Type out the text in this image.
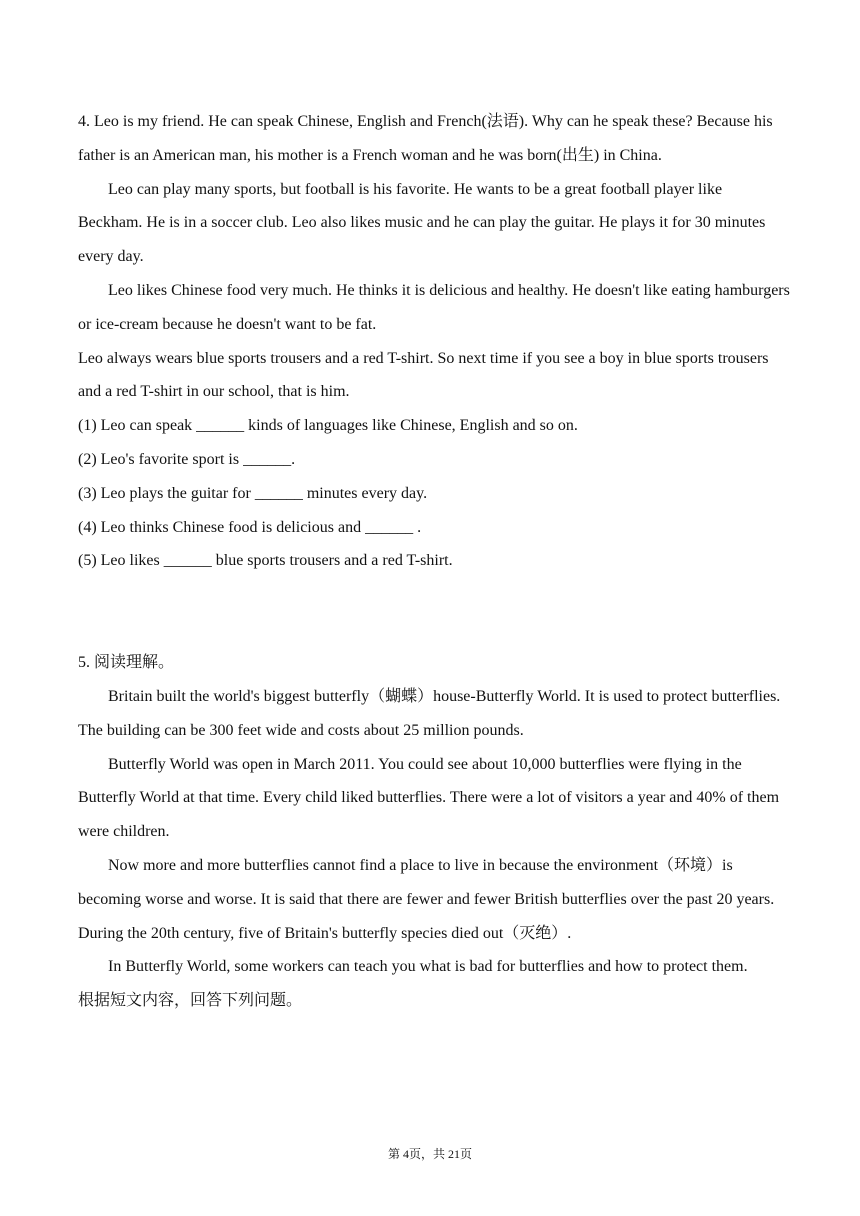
4. Leo is my friend. He can speak Chinese, English and French(法语). Why can he speak these? Because his father is an American man, his mother is a French woman and he was born(出生) in China.

Leo can play many sports, but football is his favorite. He wants to be a great football player like Beckham. He is in a soccer club. Leo also likes music and he can play the guitar. He plays it for 30 minutes every day.

Leo likes Chinese food very much. He thinks it is delicious and healthy. He doesn't like eating hamburgers or ice-cream because he doesn't want to be fat.

Leo always wears blue sports trousers and a red T-shirt. So next time if you see a boy in blue sports trousers and a red T-shirt in our school, that is him.

(1) Leo can speak ______ kinds of languages like Chinese, English and so on.

(2) Leo's favorite sport is ______.

(3) Leo plays the guitar for ______ minutes every day.

(4) Leo thinks Chinese food is delicious and ______ .

(5) Leo likes ______ blue sports trousers and a red T-shirt.

5. 阅读理解。

Britain built the world's biggest butterfly（蝴蝶）house-Butterfly World. It is used to protect butterflies. The building can be 300 feet wide and costs about 25 million pounds.

Butterfly World was open in March 2011. You could see about 10,000 butterflies were flying in the Butterfly World at that time. Every child liked butterflies. There were a lot of visitors a year and 40% of them were children.

Now more and more butterflies cannot find a place to live in because the environment（环境）is becoming worse and worse. It is said that there are fewer and fewer British butterflies over the past 20 years. During the 20th century, five of Britain's butterfly species died out（灭绝）.

In Butterfly World, some workers can teach you what is bad for butterflies and how to protect them.

根据短文内容，回答下列问题。

第 4页，共 21页
